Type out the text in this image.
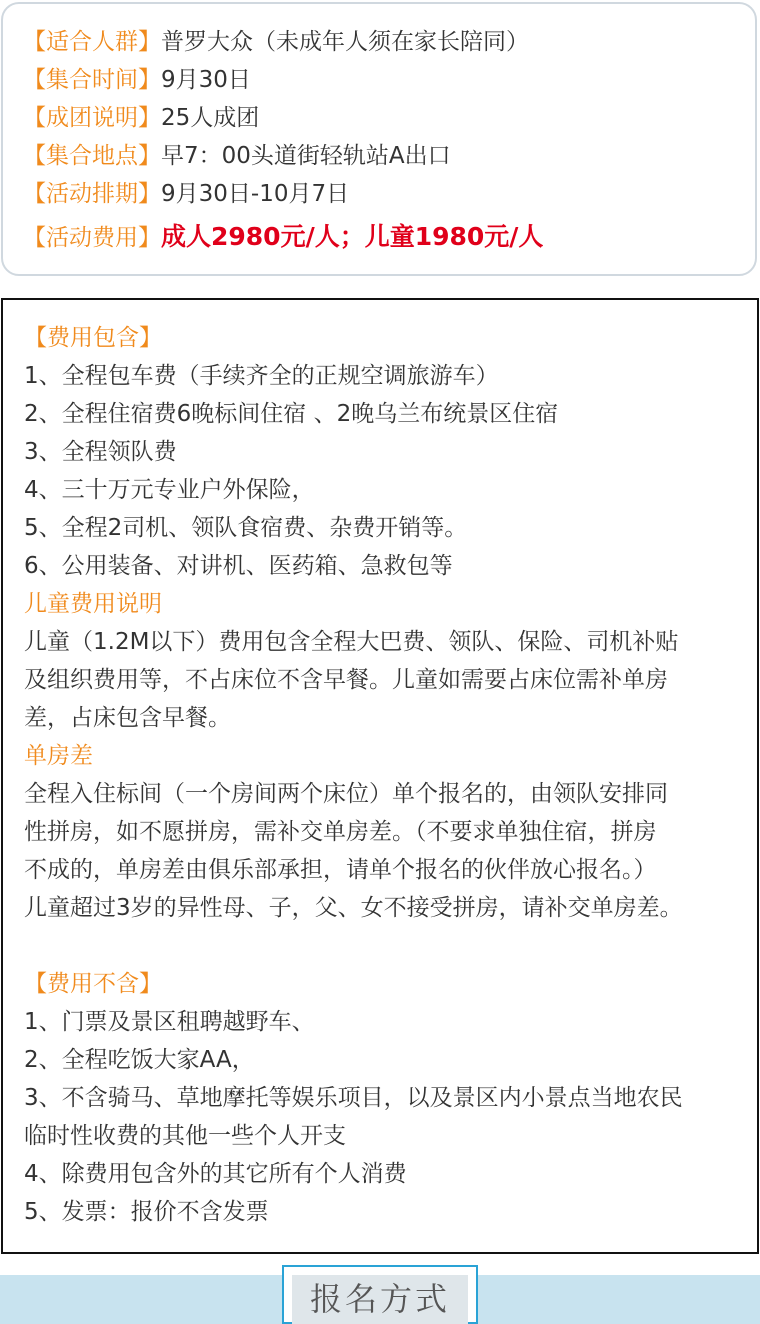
【适合人群】普罗大众（未成年人须在家长陪同）
【集合时间】9月30日
【成团说明】25人成团
【集合地点】早7：00头道街轻轨站A出口
【活动排期】9月30日-10月7日
【活动费用】成人2980元/人；儿童1980元/人
【费用包含】
1、全程包车费（手续齐全的正规空调旅游车）
2、全程住宿费6晚标间住宿 、2晚乌兰布统景区住宿
3、全程领队费
4、三十万元专业户外保险，
5、全程2司机、领队食宿费、杂费开销等。
6、公用装备、对讲机、医药箱、急救包等
儿童费用说明
儿童（1.2M以下）费用包含全程大巴费、领队、保险、司机补贴
及组织费用等，不占床位不含早餐。儿童如需要占床位需补单房
差，占床包含早餐。
单房差
全程入住标间（一个房间两个床位）单个报名的，由领队安排同
性拼房，如不愿拼房，需补交单房差。（不要求单独住宿，拼房
不成的，单房差由俱乐部承担，请单个报名的伙伴放心报名。）
儿童超过3岁的异性母、子，父、女不接受拼房，请补交单房差。
【费用不含】
1、门票及景区租聘越野车、
2、全程吃饭大家AA，
3、不含骑马、草地摩托等娱乐项目，以及景区内小景点当地农民
临时性收费的其他一些个人开支
4、除费用包含外的其它所有个人消费
5、发票：报价不含发票
报名方式
